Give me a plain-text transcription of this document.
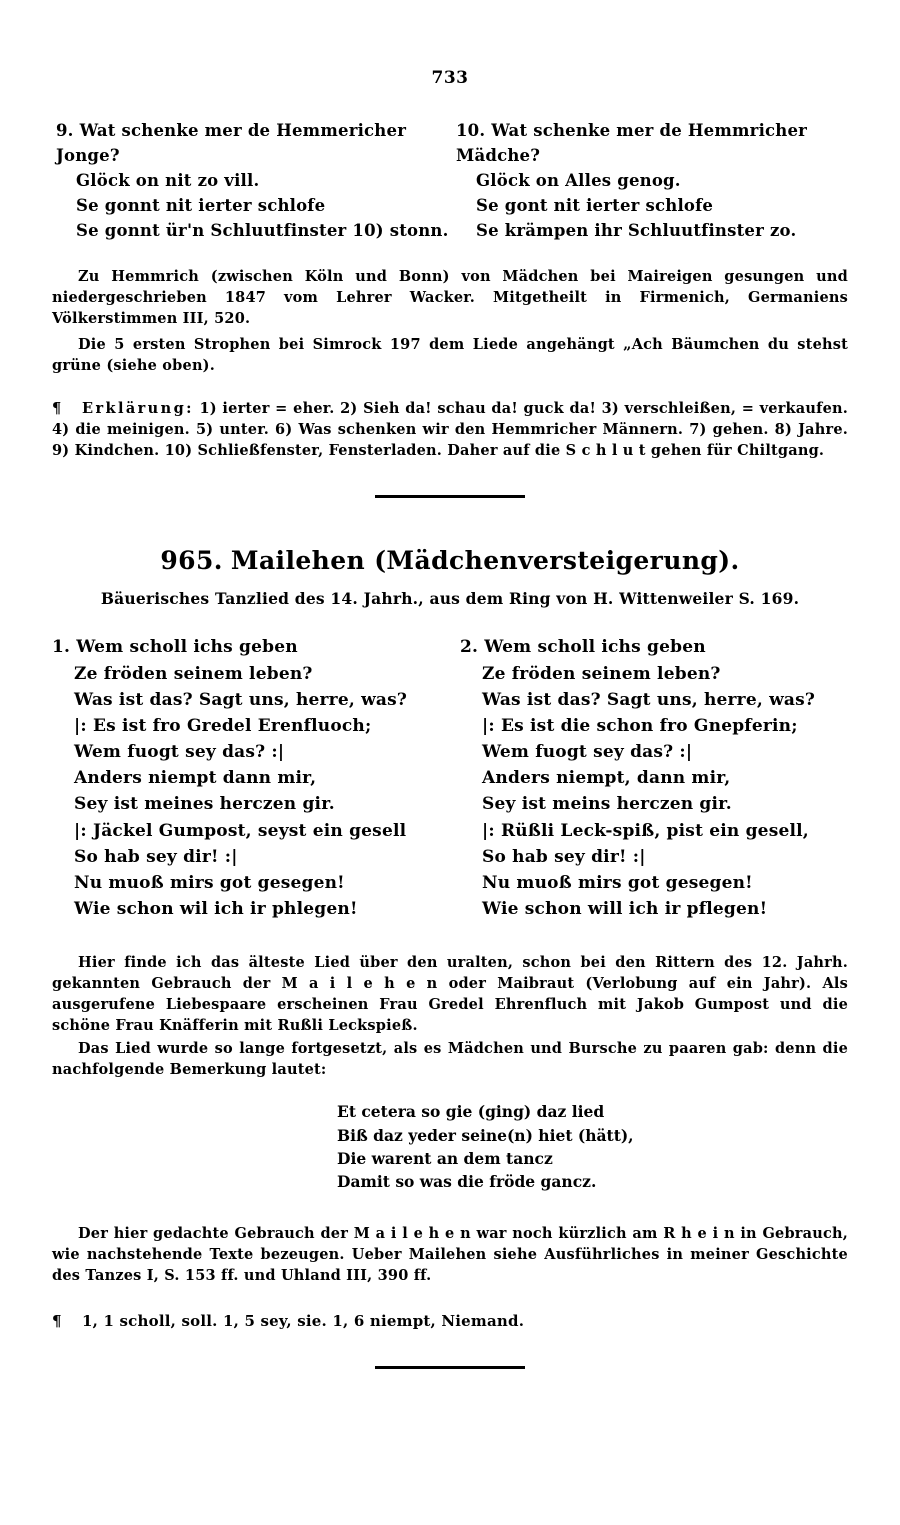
733
9. Wat schenke mer de Hemmericher Jonge?
Glöck on nit zo vill.
Se gonnt nit ierter schlofe
Se gonnt ür'n Schluutfinster 10) stonn.
10. Wat schenke mer de Hemmricher Mädche?
Glöck on Alles genog.
Se gont nit ierter schlofe
Se krämpen ihr Schluutfinster zo.
Zu Hemmrich (zwischen Köln und Bonn) von Mädchen bei Maireigen gesungen und niedergeschrieben 1847 vom Lehrer Wacker. Mitgetheilt in Firmenich, Germaniens Völkerstimmen III, 520.
Die 5 ersten Strophen bei Simrock 197 dem Liede angehängt „Ach Bäumchen du stehst grüne (siehe oben).
¶ Erklärung: 1) ierter = eher. 2) Sieh da! schau da! guck da! 3) verschleißen, = verkaufen. 4) die meinigen. 5) unter. 6) Was schenken wir den Hemmricher Männern. 7) gehen. 8) Jahre. 9) Kindchen. 10) Schließfenster, Fensterladen. Daher auf die S c h l u t gehen für Chiltgang.
965. Mailehen (Mädchenversteigerung).
Bäuerisches Tanzlied des 14. Jahrh., aus dem Ring von H. Wittenweiler S. 169.
1. Wem scholl ichs geben
Ze fröden seinem leben?
Was ist das? Sagt uns, herre, was?
|: Es ist fro Gredel Erenfluoch;
Wem fuogt sey das? :|
Anders niempt dann mir,
Sey ist meines herczen gir.
|: Jäckel Gumpost, seyst ein gesell
So hab sey dir! :|
Nu muoß mirs got gesegen!
Wie schon wil ich ir phlegen!
2. Wem scholl ichs geben
Ze fröden seinem leben?
Was ist das? Sagt uns, herre, was?
|: Es ist die schon fro Gnepferin;
Wem fuogt sey das? :|
Anders niempt, dann mir,
Sey ist meins herczen gir.
|: Rüßli Leck-spiß, pist ein gesell,
So hab sey dir! :|
Nu muoß mirs got gesegen!
Wie schon will ich ir pflegen!

Hier finde ich das älteste Lied über den uralten, schon bei den Rittern des 12. Jahrh. gekannten Gebrauch der M a i l e h e n oder Maibraut (Verlobung auf ein Jahr). Als ausgerufene Liebespaare erscheinen Frau Gredel Ehrenfluch mit Jakob Gumpost und die schöne Frau Knäfferin mit Rußli Leckspieß.

Das Lied wurde so lange fortgesetzt, als es Mädchen und Bursche zu paaren gab: denn die nachfolgende Bemerkung lautet:

Et cetera so gie (ging) daz lied
Biß daz yeder seine(n) hiet (hätt),
Die warent an dem tancz
Damit so was die fröde gancz.

Der hier gedachte Gebrauch der M a i l e h e n war noch kürzlich am R h e i n in Gebrauch, wie nachstehende Texte bezeugen. Ueber Mailehen siehe Ausführliches in meiner Geschichte des Tanzes I, S. 153 ff. und Uhland III, 390 ff.

¶ 1, 1 scholl, soll. 1, 5 sey, sie. 1, 6 niempt, Niemand.
